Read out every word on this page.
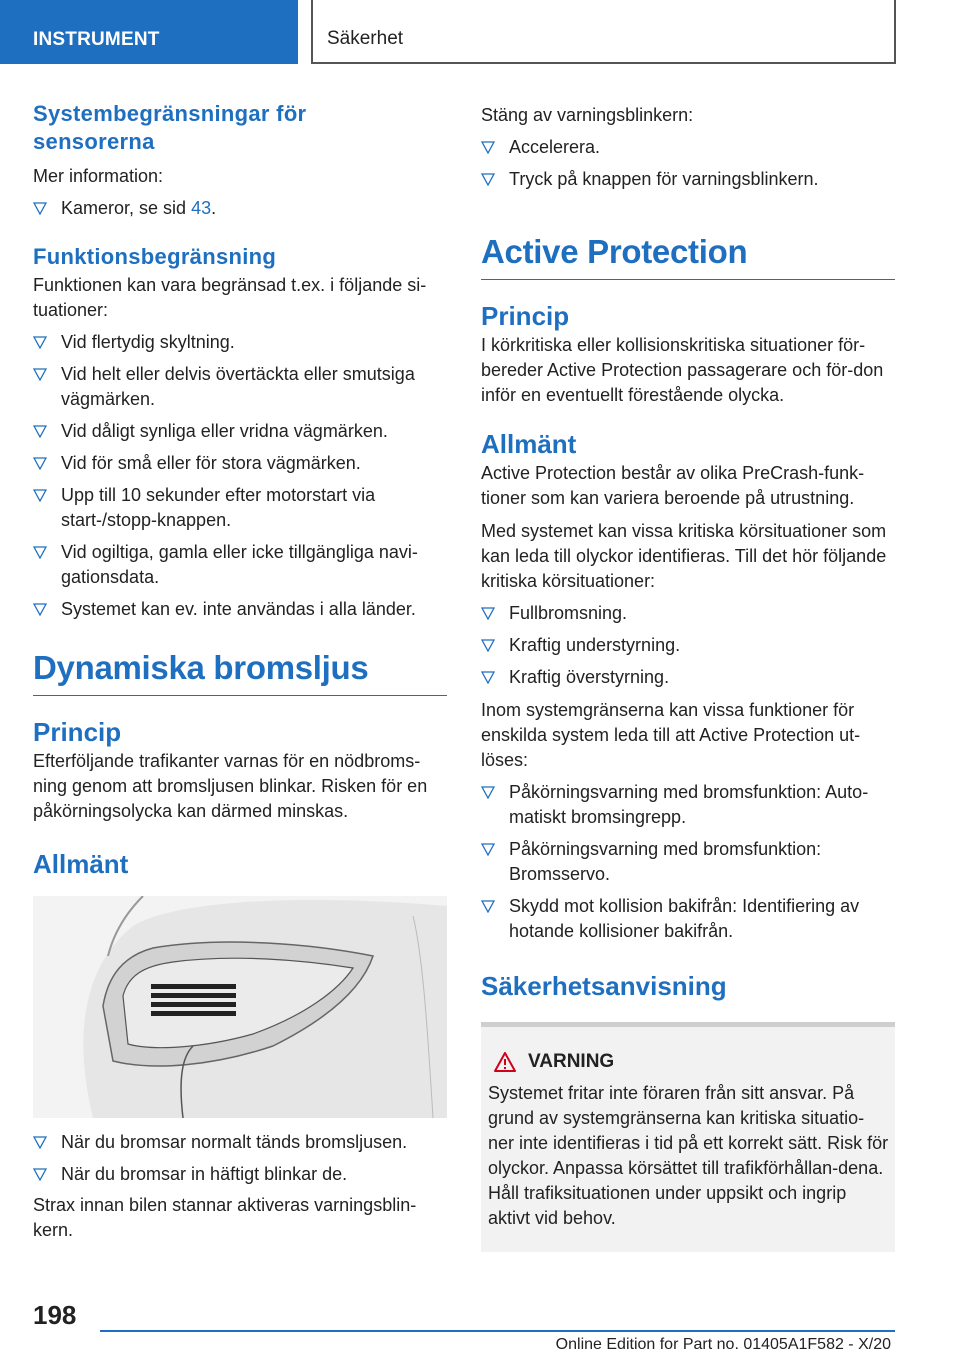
INSTRUMENT	Säkerhet
Systembegränsningar för sensorerna

Mer information:

Kameror, se sid 43.
Funktionsbegränsning

Funktionen kan vara begränsad t.ex. i följande si-tuationer:

Vid flertydig skyltning.
Vid helt eller delvis övertäckta eller smutsiga vägmärken.
Vid dåligt synliga eller vridna vägmärken.
Vid för små eller för stora vägmärken.
Upp till 10 sekunder efter motorstart via start-/stopp-knappen.
Vid ogiltiga, gamla eller icke tillgängliga navi-gationsdata.
Systemet kan ev. inte användas i alla länder.
Dynamiska bromsljus
Princip

Efterföljande trafikanter varnas för en nödbroms-ning genom att bromsljusen blinkar. Risken för en påkörningsolycka kan därmed minskas.

Allmänt
När du bromsar normalt tänds bromsljusen.
När du bromsar in häftigt blinkar de.

Strax innan bilen stannar aktiveras varningsblin-kern.

Stäng av varningsblinkern:

Accelerera.
Tryck på knappen för varningsblinkern.
Active Protection
Princip

I körkritiska eller kollisionskritiska situationer för-bereder Active Protection passagerare och för-don inför en eventuellt förestående olycka.

Allmänt

Active Protection består av olika PreCrash-funk-tioner som kan variera beroende på utrustning.

Med systemet kan vissa kritiska körsituationer som kan leda till olyckor identifieras. Till det hör följande kritiska körsituationer:

Fullbromsning.
Kraftig understyrning.
Kraftig överstyrning.

Inom systemgränserna kan vissa funktioner för enskilda system leda till att Active Protection ut-löses:

Påkörningsvarning med bromsfunktion: Auto-matiskt bromsingrepp.
Påkörningsvarning med bromsfunktion: Bromsservo.
Skydd mot kollision bakifrån: Identifiering av hotande kollisioner bakifrån.
Säkerhetsanvisning
VARNING

Systemet fritar inte föraren från sitt ansvar. På grund av systemgränserna kan kritiska situatio-ner inte identifieras i tid på ett korrekt sätt. Risk för olyckor. Anpassa körsättet till trafikförhållan-dena. Håll trafiksituationen under uppsikt och ingrip aktivt vid behov.

198
Online Edition for Part no. 01405A1F582 - X/20
